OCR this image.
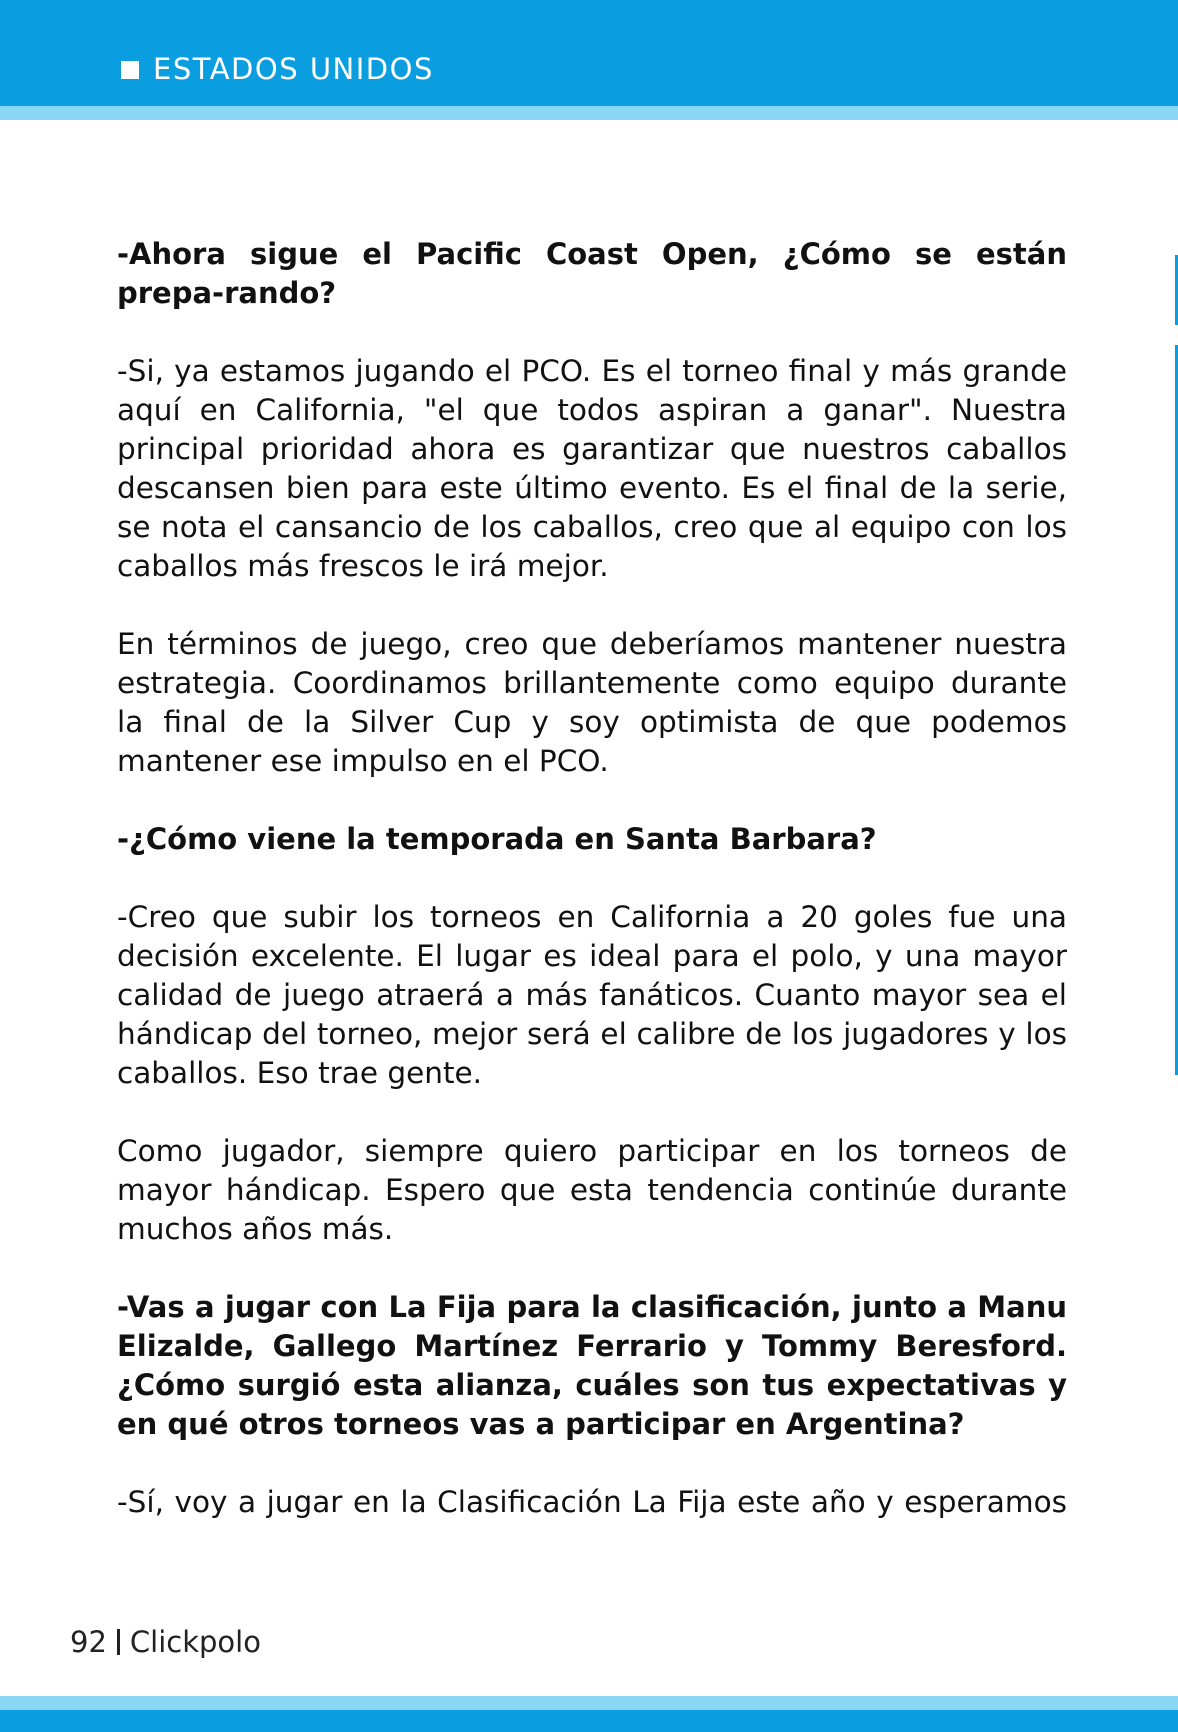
ESTADOS UNIDOS

-Ahora sigue el Pacific Coast Open, ¿Cómo se están prepa-rando?

-Si, ya estamos jugando el PCO. Es el torneo final y más grande aquí en California, "el que todos aspiran a ganar". Nuestra principal prioridad ahora es garantizar que nuestros caballos descansen bien para este último evento. Es el final de la serie, se nota el cansancio de los caballos, creo que al equipo con los caballos más frescos le irá mejor.

En términos de juego, creo que deberíamos mantener nuestra estrategia. Coordinamos brillantemente como equipo durante la final de la Silver Cup y soy optimista de que podemos mantener ese impulso en el PCO.

-¿Cómo viene la temporada en Santa Barbara?

-Creo que subir los torneos en California a 20 goles fue una decisión excelente. El lugar es ideal para el polo, y una mayor calidad de juego atraerá a más fanáticos. Cuanto mayor sea el hándicap del torneo, mejor será el calibre de los jugadores y los caballos. Eso trae gente.

Como jugador, siempre quiero participar en los torneos de mayor hándicap. Espero que esta tendencia continúe durante muchos años más.

-Vas a jugar con La Fija para la clasificación, junto a Manu Elizalde, Gallego Martínez Ferrario y Tommy Beresford. ¿Cómo surgió esta alianza, cuáles son tus expectativas y en qué otros torneos vas a participar en Argentina?

-Sí, voy a jugar en la Clasificación La Fija este año y esperamos

92 Clickpolo
